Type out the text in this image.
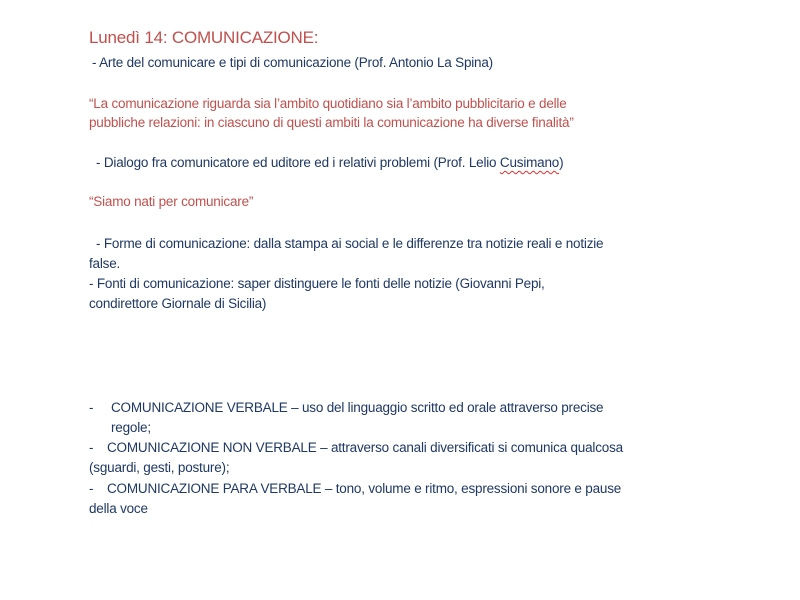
Lunedì 14: COMUNICAZIONE:
- Arte del comunicare e tipi di comunicazione (Prof. Antonio La Spina)
“La comunicazione riguarda sia l’ambito quotidiano sia l’ambito pubblicitario e delle
pubbliche relazioni: in ciascuno di questi ambiti la comunicazione ha diverse finalità”
- Dialogo fra comunicatore ed uditore ed i relativi problemi (Prof. Lelio Cusimano)
“Siamo nati per comunicare”
- Forme di comunicazione: dalla stampa ai social e le differenze tra notizie reali e notizie
false.
- Fonti di comunicazione: saper distinguere le fonti delle notizie (Giovanni Pepi,
condirettore Giornale di Sicilia)
- COMUNICAZIONE VERBALE – uso del linguaggio scritto ed orale attraverso precise
regole;
- COMUNICAZIONE NON VERBALE – attraverso canali diversificati si comunica qualcosa
(sguardi, gesti, posture);
- COMUNICAZIONE PARA VERBALE – tono, volume e ritmo, espressioni sonore e pause
della voce
